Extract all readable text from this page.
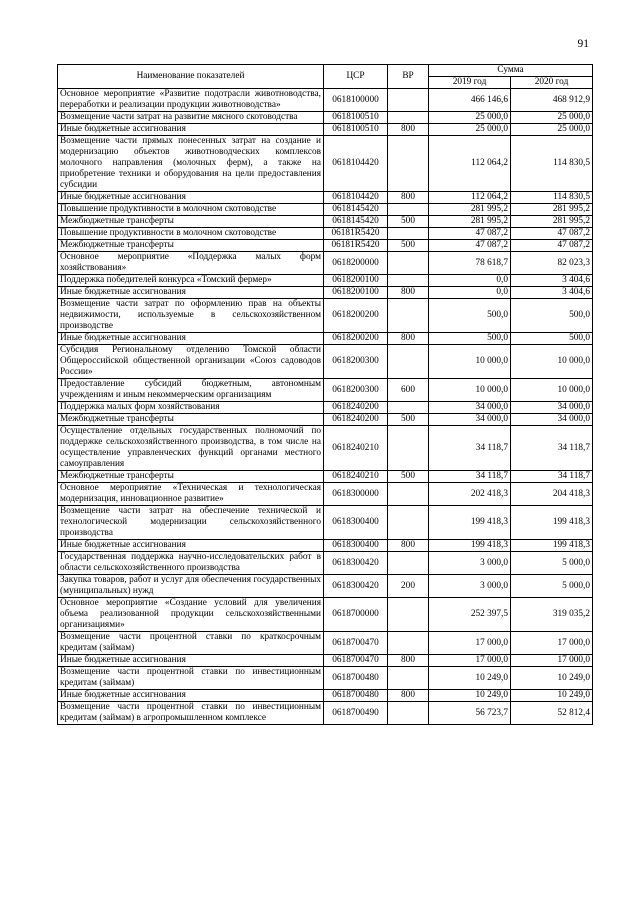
91
Наименование показателей	ЦСР	ВР	Сумма	
			2019 год	2020 год
Основное мероприятие «Развитие подотрасли животноводства, переработки и реализации продукции животноводства»	0618100000		466 146,6	468 912,9
Возмещение части затрат на развитие мясного скотоводства	0618100510		25 000,0	25 000,0
Иные бюджетные ассигнования	0618100510	800	25 000,0	25 000,0
Возмещение части прямых понесенных затрат на создание и модернизацию объектов животноводческих комплексов молочного направления (молочных ферм), а также на приобретение техники и оборудования на цели предоставления субсидии	0618104420		112 064,2	114 830,5
Иные бюджетные ассигнования	0618104420	800	112 064,2	114 830,5
Повышение продуктивности в молочном скотоводстве	0618145420		281 995,2	281 995,2
Межбюджетные трансферты	0618145420	500	281 995,2	281 995,2
Повышение продуктивности в молочном скотоводстве	06181R5420		47 087,2	47 087,2
Межбюджетные трансферты	06181R5420	500	47 087,2	47 087,2
Основное мероприятие «Поддержка малых форм хозяйствования»	0618200000		78 618,7	82 023,3
Поддержка победителей конкурса «Томский фермер»	0618200100		0,0	3 404,6
Иные бюджетные ассигнования	0618200100	800	0,0	3 404,6
Возмещение части затрат по оформлению прав на объекты недвижимости, используемые в сельскохозяйственном производстве	0618200200		500,0	500,0
Иные бюджетные ассигнования	0618200200	800	500,0	500,0
Субсидия Региональному отделению Томской области Общероссийской общественной организации «Союз садоводов России»	0618200300		10 000,0	10 000,0
Предоставление субсидий бюджетным, автономным учреждениям и иным некоммерческим организациям	0618200300	600	10 000,0	10 000,0
Поддержка малых форм хозяйствования	0618240200		34 000,0	34 000,0
Межбюджетные трансферты	0618240200	500	34 000,0	34 000,0
Осуществление отдельных государственных полномочий по поддержке сельскохозяйственного производства, в том числе на осуществление управленческих функций органами местного самоуправления	0618240210		34 118,7	34 118,7
Межбюджетные трансферты	0618240210	500	34 118,7	34 118,7
Основное мероприятие «Техническая и технологическая модернизация, инновационное развитие»	0618300000		202 418,3	204 418,3
Возмещение части затрат на обеспечение технической и технологической модернизации сельскохозяйственного производства	0618300400		199 418,3	199 418,3
Иные бюджетные ассигнования	0618300400	800	199 418,3	199 418,3
Государственная поддержка научно-исследовательских работ в области сельскохозяйственного производства	0618300420		3 000,0	5 000,0
Закупка товаров, работ и услуг для обеспечения государственных (муниципальных) нужд	0618300420	200	3 000,0	5 000,0
Основное мероприятие «Создание условий для увеличения объема реализованной продукции сельскохозяйственными организациями»	0618700000		252 397,5	319 035,2
Возмещение части процентной ставки по краткосрочным кредитам (займам)	0618700470		17 000,0	17 000,0
Иные бюджетные ассигнования	0618700470	800	17 000,0	17 000,0
Возмещение части процентной ставки по инвестиционным кредитам (займам)	0618700480		10 249,0	10 249,0
Иные бюджетные ассигнования	0618700480	800	10 249,0	10 249,0
Возмещение части процентной ставки по инвестиционным кредитам (займам) в агропромышленном комплексе	0618700490		56 723,7	52 812,4
